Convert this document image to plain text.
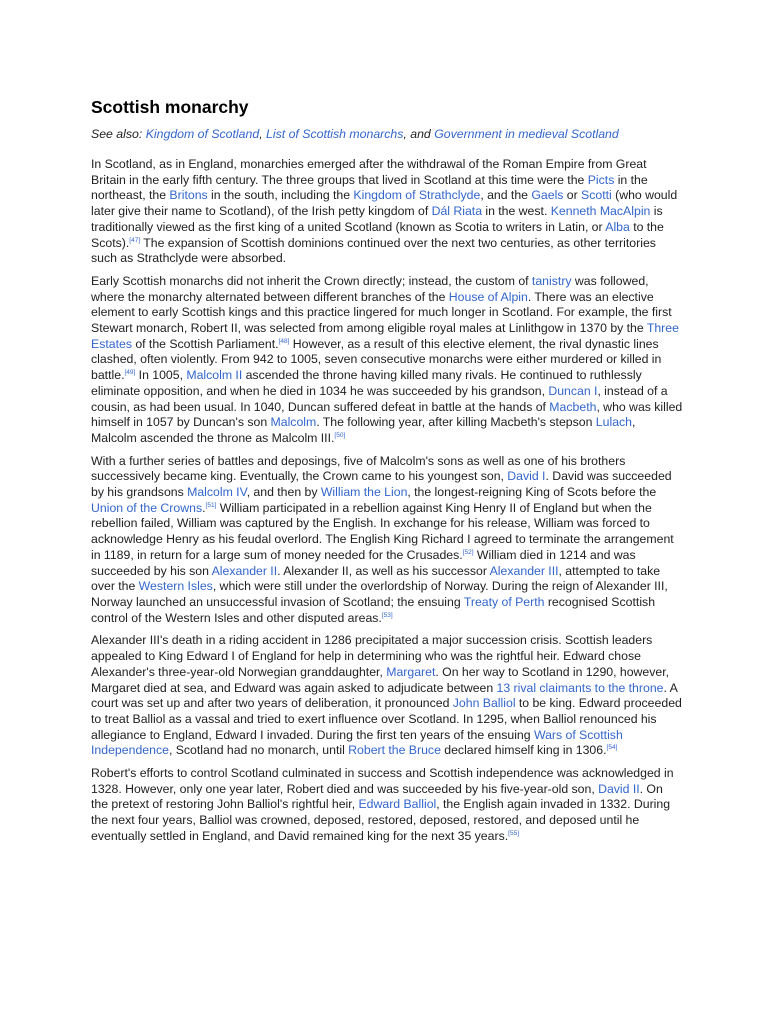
Scottish monarchy
See also: Kingdom of Scotland, List of Scottish monarchs, and Government in medieval Scotland

In Scotland, as in England, monarchies emerged after the withdrawal of the Roman Empire from Great Britain in the early fifth century. The three groups that lived in Scotland at this time were the Picts in the northeast, the Britons in the south, including the Kingdom of Strathclyde, and the Gaels or Scotti (who would later give their name to Scotland), of the Irish petty kingdom of Dál Riata in the west. Kenneth MacAlpin is traditionally viewed as the first king of a united Scotland (known as Scotia to writers in Latin, or Alba to the Scots).[47] The expansion of Scottish dominions continued over the next two centuries, as other territories such as Strathclyde were absorbed.

Early Scottish monarchs did not inherit the Crown directly; instead, the custom of tanistry was followed, where the monarchy alternated between different branches of the House of Alpin. There was an elective element to early Scottish kings and this practice lingered for much longer in Scotland. For example, the first Stewart monarch, Robert II, was selected from among eligible royal males at Linlithgow in 1370 by the Three Estates of the Scottish Parliament.[48] However, as a result of this elective element, the rival dynastic lines clashed, often violently. From 942 to 1005, seven consecutive monarchs were either murdered or killed in battle.[49] In 1005, Malcolm II ascended the throne having killed many rivals. He continued to ruthlessly eliminate opposition, and when he died in 1034 he was succeeded by his grandson, Duncan I, instead of a cousin, as had been usual. In 1040, Duncan suffered defeat in battle at the hands of Macbeth, who was killed himself in 1057 by Duncan's son Malcolm. The following year, after killing Macbeth's stepson Lulach, Malcolm ascended the throne as Malcolm III.[50]

With a further series of battles and deposings, five of Malcolm's sons as well as one of his brothers successively became king. Eventually, the Crown came to his youngest son, David I. David was succeeded by his grandsons Malcolm IV, and then by William the Lion, the longest-reigning King of Scots before the Union of the Crowns.[51] William participated in a rebellion against King Henry II of England but when the rebellion failed, William was captured by the English. In exchange for his release, William was forced to acknowledge Henry as his feudal overlord. The English King Richard I agreed to terminate the arrangement in 1189, in return for a large sum of money needed for the Crusades.[52] William died in 1214 and was succeeded by his son Alexander II. Alexander II, as well as his successor Alexander III, attempted to take over the Western Isles, which were still under the overlordship of Norway. During the reign of Alexander III, Norway launched an unsuccessful invasion of Scotland; the ensuing Treaty of Perth recognised Scottish control of the Western Isles and other disputed areas.[53]

Alexander III's death in a riding accident in 1286 precipitated a major succession crisis. Scottish leaders appealed to King Edward I of England for help in determining who was the rightful heir. Edward chose Alexander's three-year-old Norwegian granddaughter, Margaret. On her way to Scotland in 1290, however, Margaret died at sea, and Edward was again asked to adjudicate between 13 rival claimants to the throne. A court was set up and after two years of deliberation, it pronounced John Balliol to be king. Edward proceeded to treat Balliol as a vassal and tried to exert influence over Scotland. In 1295, when Balliol renounced his allegiance to England, Edward I invaded. During the first ten years of the ensuing Wars of Scottish Independence, Scotland had no monarch, until Robert the Bruce declared himself king in 1306.[54]

Robert's efforts to control Scotland culminated in success and Scottish independence was acknowledged in 1328. However, only one year later, Robert died and was succeeded by his five-year-old son, David II. On the pretext of restoring John Balliol's rightful heir, Edward Balliol, the English again invaded in 1332. During the next four years, Balliol was crowned, deposed, restored, deposed, restored, and deposed until he eventually settled in England, and David remained king for the next 35 years.[55]
